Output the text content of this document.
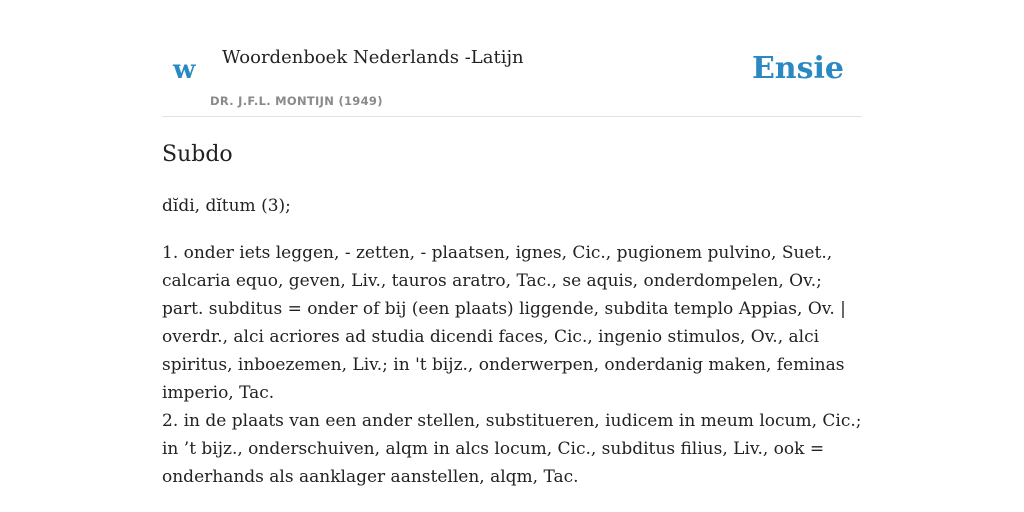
w Woordenboek Nederlands -Latijn
DR. J.F.L. MONTIJN (1949)
Ensie
Subdo

dĭdi, dĭtum (3);

1. onder iets leggen, - zetten, - plaatsen, ignes, Cic., pugionem pulvino, Suet., calcaria equo, geven, Liv., tauros aratro, Tac., se aquis, onderdompelen, Ov.; part. subditus = onder of bij (een plaats) liggende, subdita templo Appias, Ov. | overdr., alci acriores ad studia dicendi faces, Cic., ingenio stimulos, Ov., alci spiritus, inboezemen, Liv.; in 't bijz., onderwerpen, onderdanig maken, feminas imperio, Tac.

2. in de plaats van een ander stellen, substitueren, iudicem in meum locum, Cic.; in ’t bijz., onderschuiven, alqm in alcs locum, Cic., subditus filius, Liv., ook = onderhands als aanklager aanstellen, alqm, Tac.
